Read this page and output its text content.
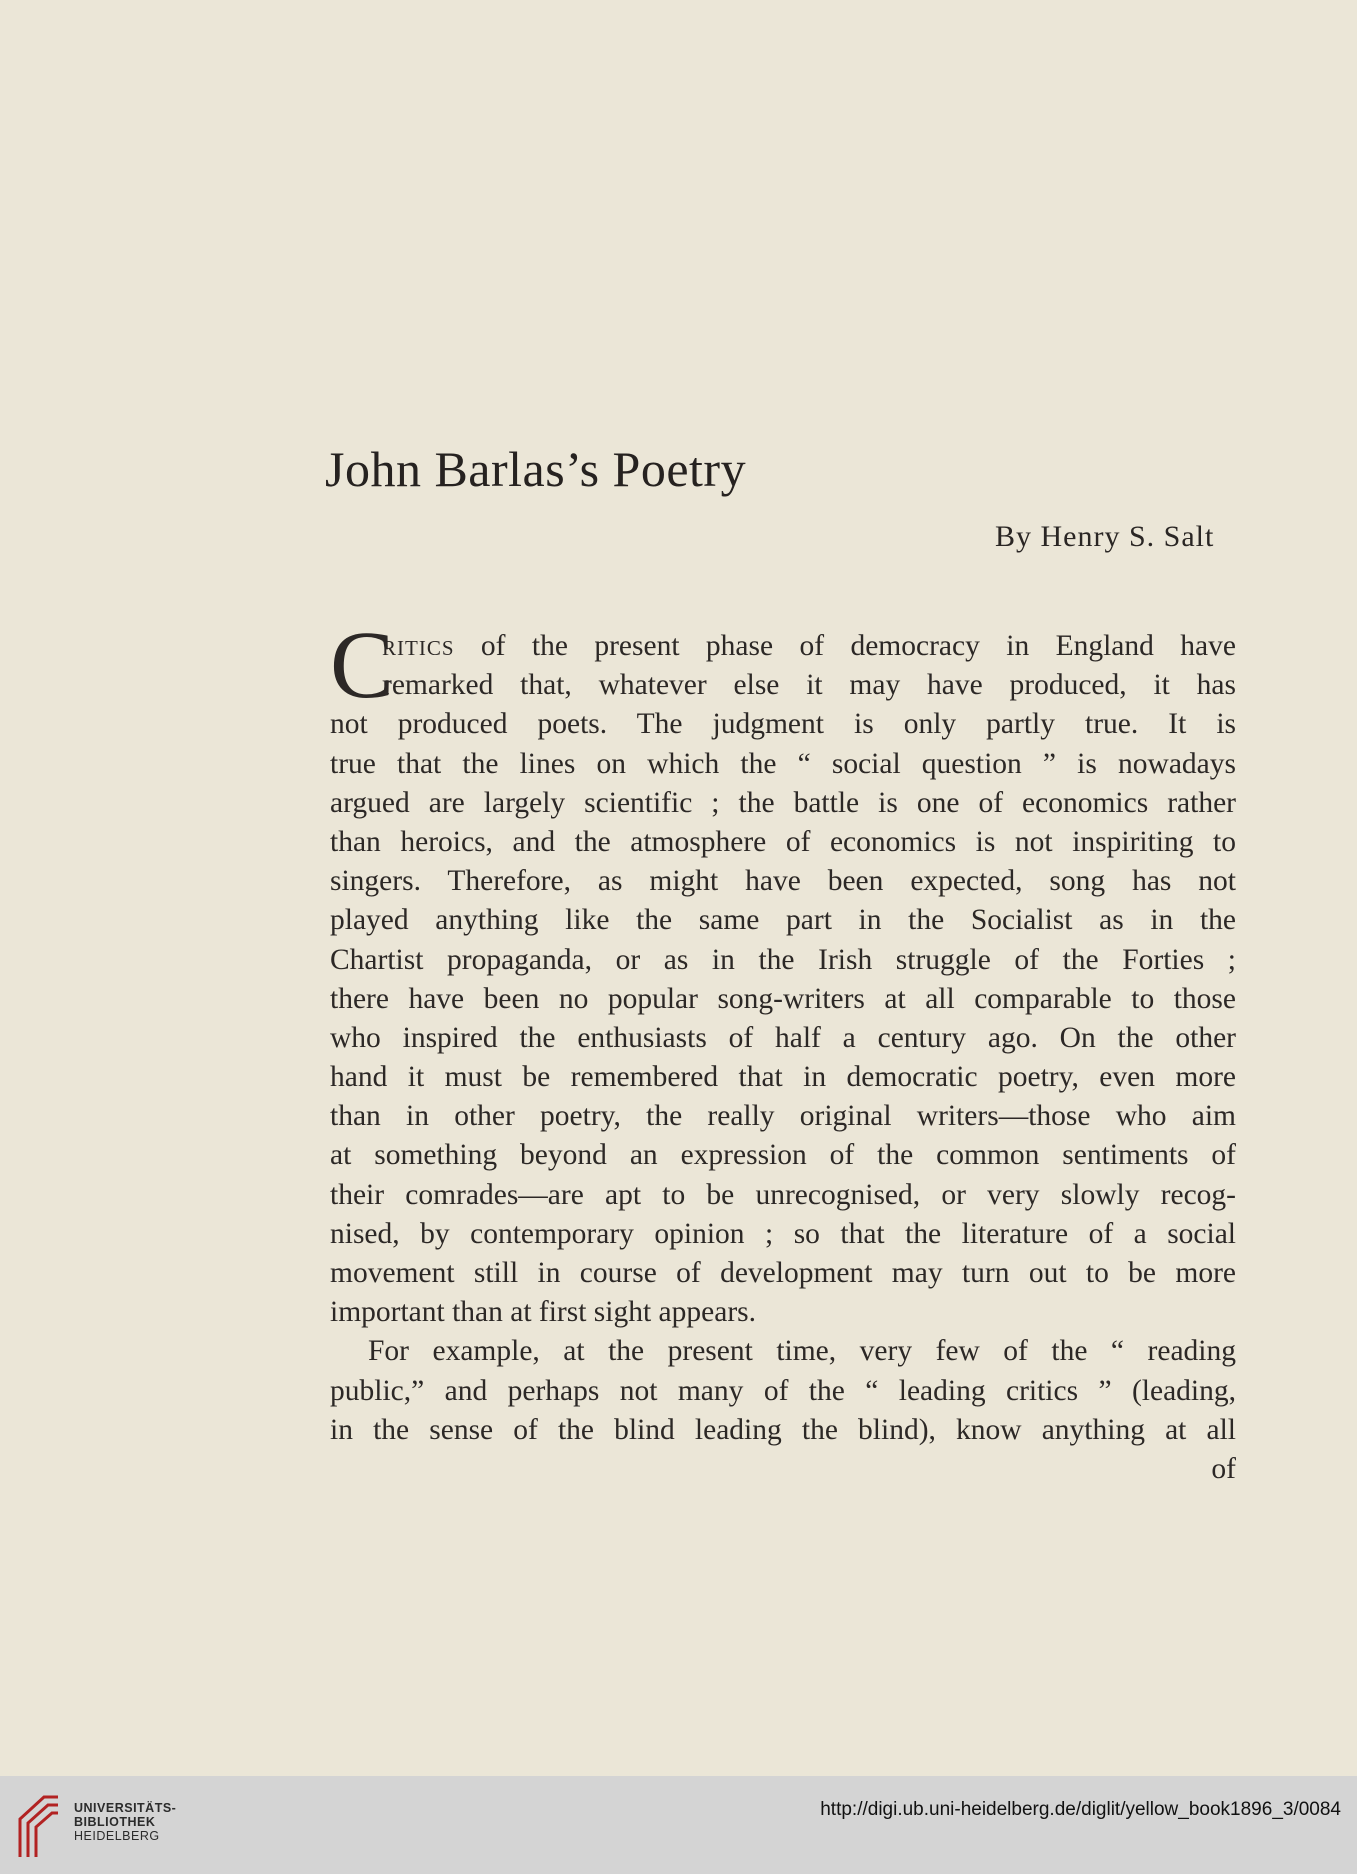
John Barlas’s Poetry
By Henry S. Salt
C
ritics of the present phase of democracy in England have
remarked that, whatever else it may have produced, it has
not produced poets. The judgment is only partly true. It is
true that the lines on which the “ social question ” is nowadays
argued are largely scientific ; the battle is one of economics rather
than heroics, and the atmosphere of economics is not inspiriting to
singers. Therefore, as might have been expected, song has not
played anything like the same part in the Socialist as in the
Chartist propaganda, or as in the Irish struggle of the Forties ;
there have been no popular song-writers at all comparable to those
who inspired the enthusiasts of half a century ago. On the other
hand it must be remembered that in democratic poetry, even more
than in other poetry, the really original writers—those who aim
at something beyond an expression of the common sentiments of
their comrades—are apt to be unrecognised, or very slowly recog-
nised, by contemporary opinion ; so that the literature of a social
movement still in course of development may turn out to be more
important than at first sight appears.
For example, at the present time, very few of the “ reading
public,” and perhaps not many of the “ leading critics ” (leading,
in the sense of the blind leading the blind), know anything at all
of
UNIVERSITÄTS-
BIBLIOTHEK
HEIDELBERG
http://digi.ub.uni-heidelberg.de/diglit/yellow_book1896_3/0084
